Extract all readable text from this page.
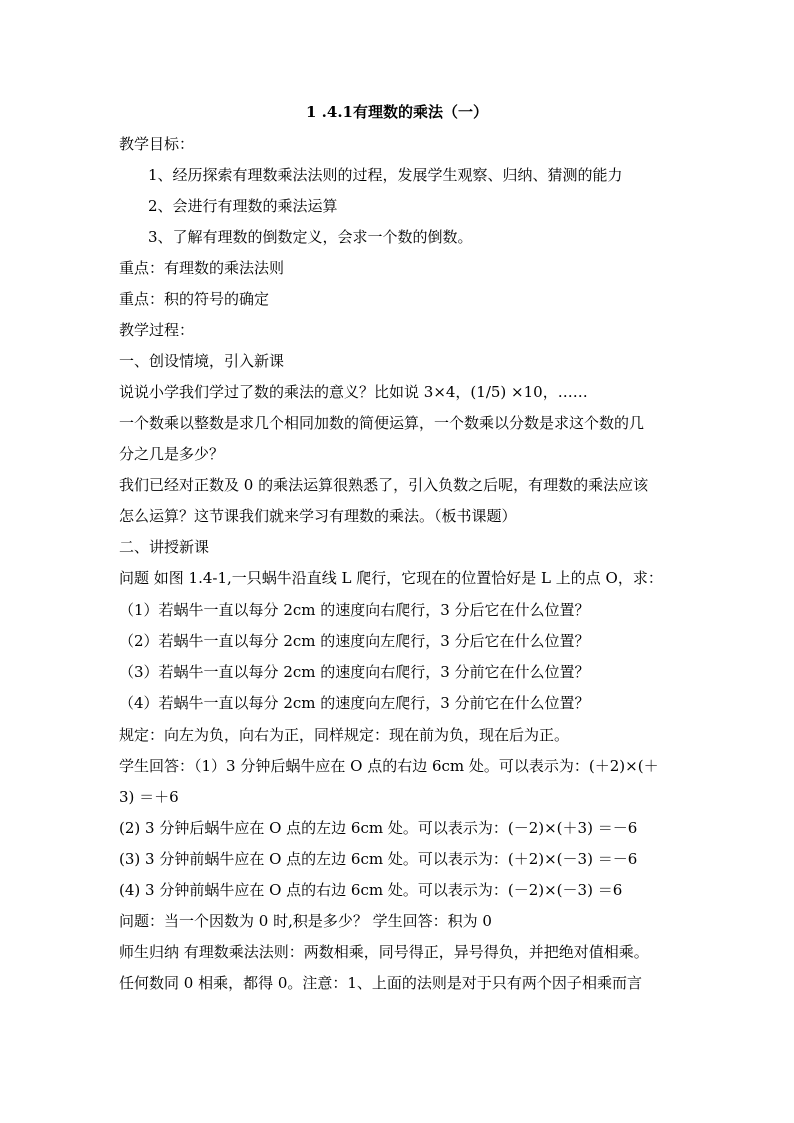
1 .4.1有理数的乘法（一）
教学目标：
1、经历探索有理数乘法法则的过程，发展学生观察、归纳、猜测的能力
2、会进行有理数的乘法运算
3、了解有理数的倒数定义，会求一个数的倒数。
重点：有理数的乘法法则
重点：积的符号的确定
教学过程：
一、创设情境，引入新课
说说小学我们学过了数的乘法的意义？比如说 3×4，(1/5) ×10，……
一个数乘以整数是求几个相同加数的简便运算，一个数乘以分数是求这个数的几
分之几是多少？
我们已经对正数及 0 的乘法运算很熟悉了，引入负数之后呢，有理数的乘法应该
怎么运算？这节课我们就来学习有理数的乘法。（板书课题）
二、讲授新课
问题 如图 1.4-1,一只蜗牛沿直线 L 爬行，它现在的位置恰好是 L 上的点 O，求：
（1）若蜗牛一直以每分 2cm 的速度向右爬行，3 分后它在什么位置？
（2）若蜗牛一直以每分 2cm 的速度向左爬行，3 分后它在什么位置？
（3）若蜗牛一直以每分 2cm 的速度向右爬行，3 分前它在什么位置？
（4）若蜗牛一直以每分 2cm 的速度向左爬行，3 分前它在什么位置？
规定：向左为负，向右为正，同样规定：现在前为负，现在后为正。
学生回答：（1）3 分钟后蜗牛应在 O 点的右边 6cm 处。可以表示为：(＋2)×(＋
3) ＝＋6
(2) 3 分钟后蜗牛应在 O 点的左边 6cm 处。可以表示为：(－2)×(＋3) ＝－6
(3) 3 分钟前蜗牛应在 O 点的左边 6cm 处。可以表示为：(＋2)×(－3) ＝－6
(4) 3 分钟前蜗牛应在 O 点的右边 6cm 处。可以表示为：(－2)×(－3) ＝6
问题：当一个因数为 0 时,积是多少？ 学生回答：积为 0
师生归纳 有理数乘法法则：两数相乘，同号得正，异号得负，并把绝对值相乘。
任何数同 0 相乘，都得 0。注意：1、上面的法则是对于只有两个因子相乘而言
